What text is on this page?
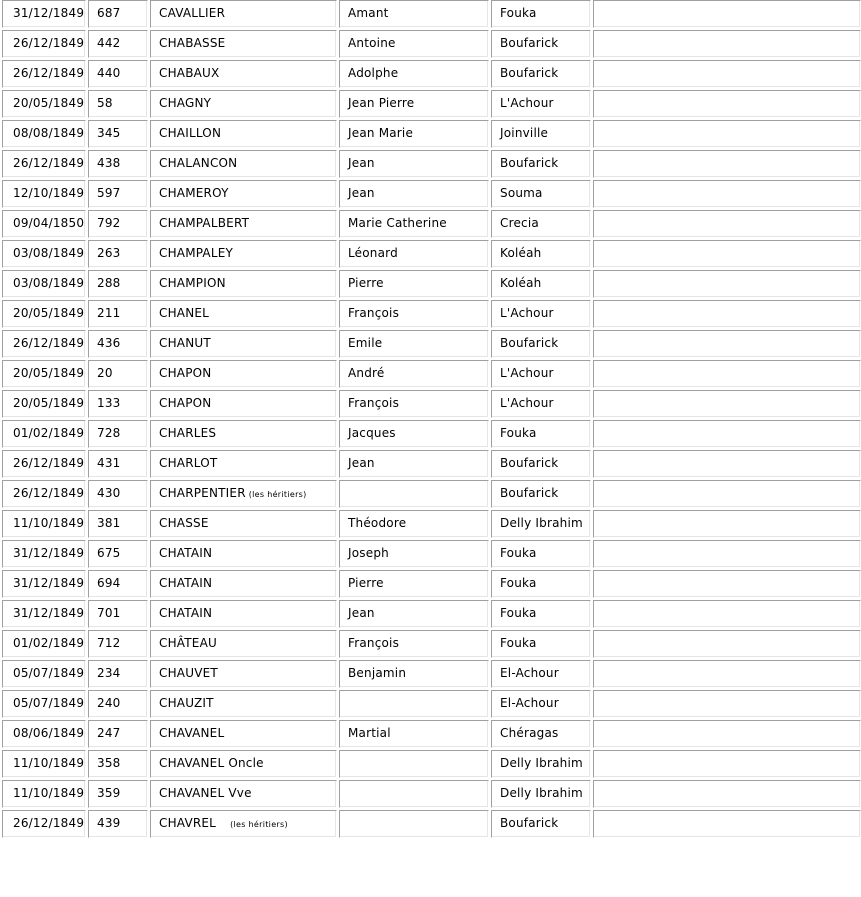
31/12/1849	687	CAVALLIER	Amant	Fouka	
26/12/1849	442	CHABASSE	Antoine	Boufarick	
26/12/1849	440	CHABAUX	Adolphe	Boufarick	
20/05/1849	58	CHAGNY	Jean Pierre	L'Achour	
08/08/1849	345	CHAILLON	Jean Marie	Joinville	
26/12/1849	438	CHALANCON	Jean	Boufarick	
12/10/1849	597	CHAMEROY	Jean	Souma	
09/04/1850	792	CHAMPALBERT	Marie Catherine	Crecia	
03/08/1849	263	CHAMPALEY	Léonard	Koléah	
03/08/1849	288	CHAMPION	Pierre	Koléah	
20/05/1849	211	CHANEL	François	L'Achour	
26/12/1849	436	CHANUT	Emile	Boufarick	
20/05/1849	20	CHAPON	André	L'Achour	
20/05/1849	133	CHAPON	François	L'Achour	
01/02/1849	728	CHARLES	Jacques	Fouka	
26/12/1849	431	CHARLOT	Jean	Boufarick	
26/12/1849	430	CHARPENTIER (les héritiers)		Boufarick	
11/10/1849	381	CHASSE	Théodore	Delly Ibrahim	
31/12/1849	675	CHATAIN	Joseph	Fouka	
31/12/1849	694	CHATAIN	Pierre	Fouka	
31/12/1849	701	CHATAIN	Jean	Fouka	
01/02/1849	712	CHÂTEAU	François	Fouka	
05/07/1849	234	CHAUVET	Benjamin	El-Achour	
05/07/1849	240	CHAUZIT		El-Achour	
08/06/1849	247	CHAVANEL	Martial	Chéragas	
11/10/1849	358	CHAVANEL Oncle		Delly Ibrahim	
11/10/1849	359	CHAVANEL Vve		Delly Ibrahim	
26/12/1849	439	CHAVREL (les héritiers)		Boufarick	
